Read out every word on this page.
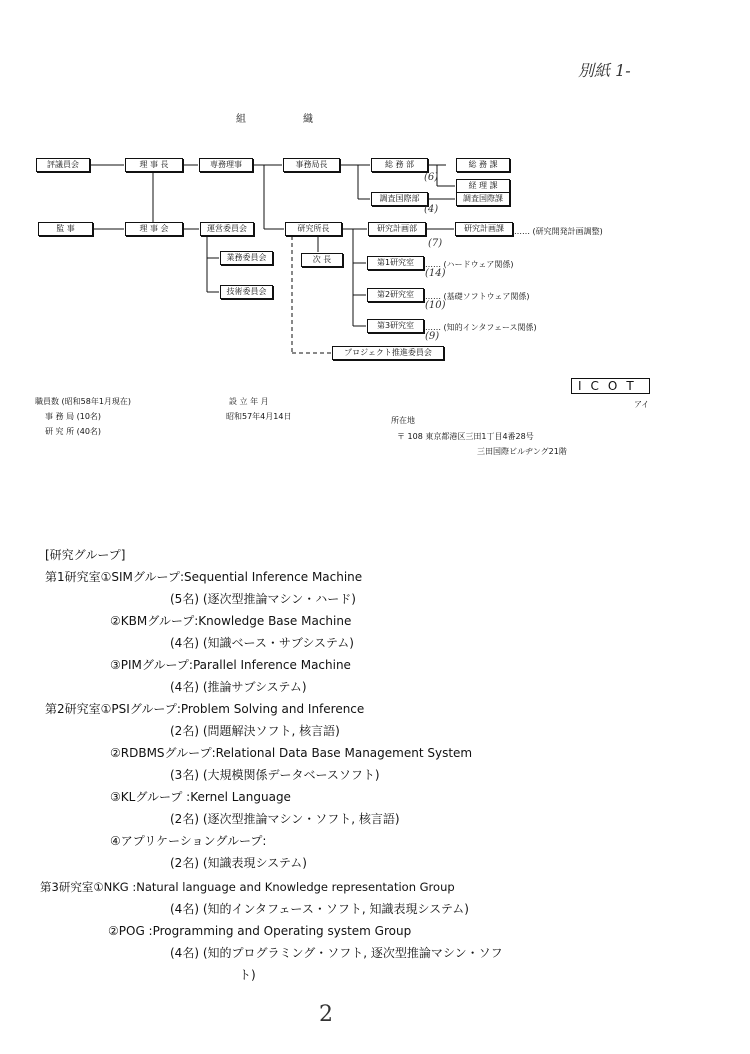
別紙 1-
組	織
評議員会	理 事 長	専務理事	事務局長	総 務 部	総 務 課
経 理 課
調査国際部	調査国際課
監 事	理 事 会	運営委員会
業務委員会
技術委員会
研究所長
次 長
研究計画部	研究計画課
第1研究室
第2研究室
第3研究室
プロジェクト推進委員会
…… (研究開発計画調整)
…… (ハードウェア関係)
…… (基礎ソフトウェア関係)
…… (知的インタフェース関係)
(6)
(4)
(7)
(14)
(10)
(9)
ICOT
アイ
職員数 (昭和58年1月現在)
事 務 局 (10名)
研 究 所 (40名)
設 立 年 月
昭和57年4月14日	所在地
〒 108 東京都港区三田1丁目4番28号
三田国際ビルヂング21階
[研究グループ]
第1研究室①SIMグループ:Sequential Inference Machine
(5名) (逐次型推論マシン・ハード)
②KBMグループ:Knowledge Base Machine
(4名) (知識ベース・サブシステム)
③PIMグループ:Parallel Inference Machine
(4名) (推論サブシステム)
第2研究室①PSIグループ:Problem Solving and Inference
(2名) (問題解決ソフト, 核言語)
②RDBMSグループ:Relational Data Base Management System
(3名) (大規模関係データベースソフト)
③KLグループ :Kernel Language
(2名) (逐次型推論マシン・ソフト, 核言語)
④アプリケーショングループ:
(2名) (知識表現システム)
第3研究室①NKG :Natural language and Knowledge representation Group
(4名) (知的インタフェース・ソフト, 知識表現システム)
②POG :Programming and Operating system Group
(4名) (知的プログラミング・ソフト, 逐次型推論マシン・ソフ
ト)
2
